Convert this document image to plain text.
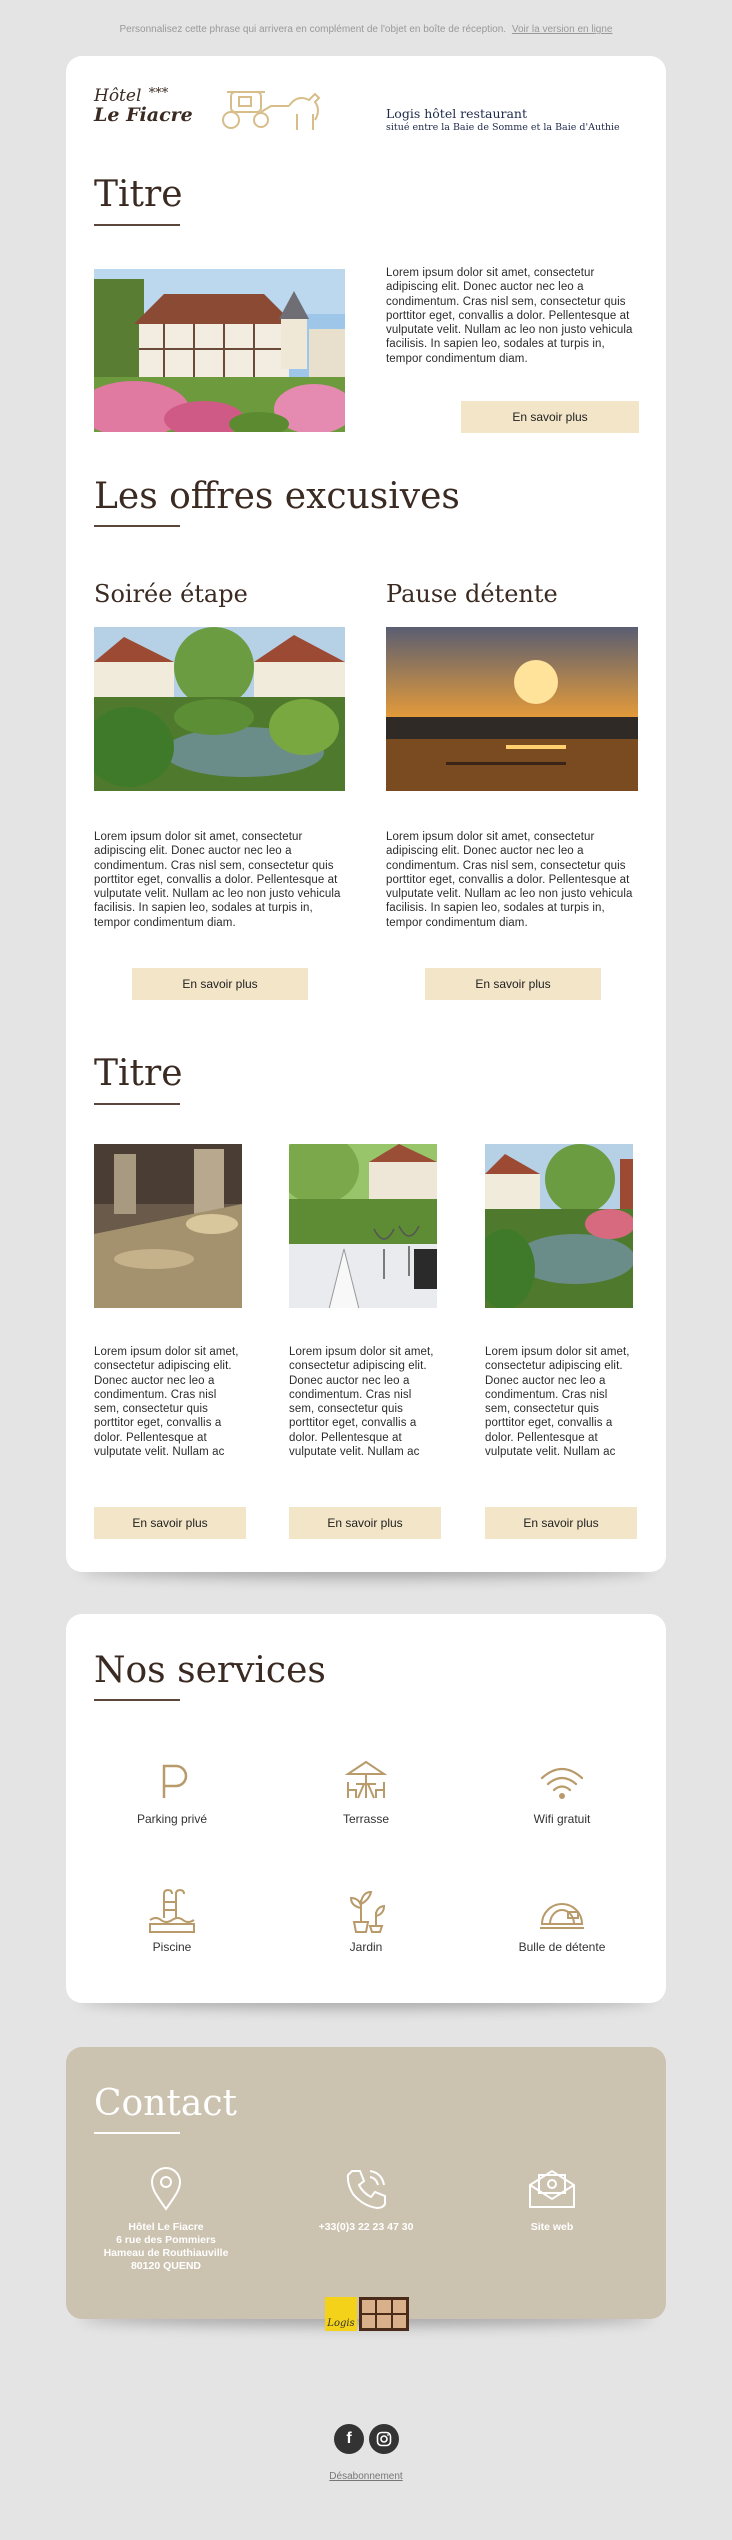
Personnalisez cette phrase qui arrivera en complément de l'objet en boîte de réception. Voir la version en ligne
Hôtel ***
Le Fiacre	Logis hôtel restaurant
situé entre la Baie de Somme et la Baie d'Authie
Titre
Lorem ipsum dolor sit amet, consectetur adipiscing elit. Donec auctor nec leo a condimentum. Cras nisl sem, consectetur quis porttitor eget, convallis a dolor. Pellentesque at vulputate velit. Nullam ac leo non justo vehicula facilisis. In sapien leo, sodales at turpis in, tempor condimentum diam.
En savoir plus
Les offres excusives
Soirée étape	Pause détente
Lorem ipsum dolor sit amet, consectetur adipiscing elit. Donec auctor nec leo a condimentum. Cras nisl sem, consectetur quis porttitor eget, convallis a dolor. Pellentesque at vulputate velit. Nullam ac leo non justo vehicula facilisis. In sapien leo, sodales at turpis in, tempor condimentum diam.
Lorem ipsum dolor sit amet, consectetur adipiscing elit. Donec auctor nec leo a condimentum. Cras nisl sem, consectetur quis porttitor eget, convallis a dolor. Pellentesque at vulputate velit. Nullam ac leo non justo vehicula facilisis. In sapien leo, sodales at turpis in, tempor condimentum diam.
En savoir plus	En savoir plus
Titre
Lorem ipsum dolor sit amet, consectetur adipiscing elit. Donec auctor nec leo a condimentum. Cras nisl sem, consectetur quis porttitor eget, convallis a dolor. Pellentesque at vulputate velit. Nullam ac
Lorem ipsum dolor sit amet, consectetur adipiscing elit. Donec auctor nec leo a condimentum. Cras nisl sem, consectetur quis porttitor eget, convallis a dolor. Pellentesque at vulputate velit. Nullam ac
Lorem ipsum dolor sit amet, consectetur adipiscing elit. Donec auctor nec leo a condimentum. Cras nisl sem, consectetur quis porttitor eget, convallis a dolor. Pellentesque at vulputate velit. Nullam ac
En savoir plus	En savoir plus	En savoir plus
Nos services
Parking privé	Terrasse	Wifi gratuit
Piscine	Jardin	Bulle de détente
Contact
Hôtel Le Fiacre
6 rue des Pommiers
Hameau de Routhiauville
80120 QUEND
+33(0)3 22 23 47 30	Site web
Logis
f
Désabonnement
